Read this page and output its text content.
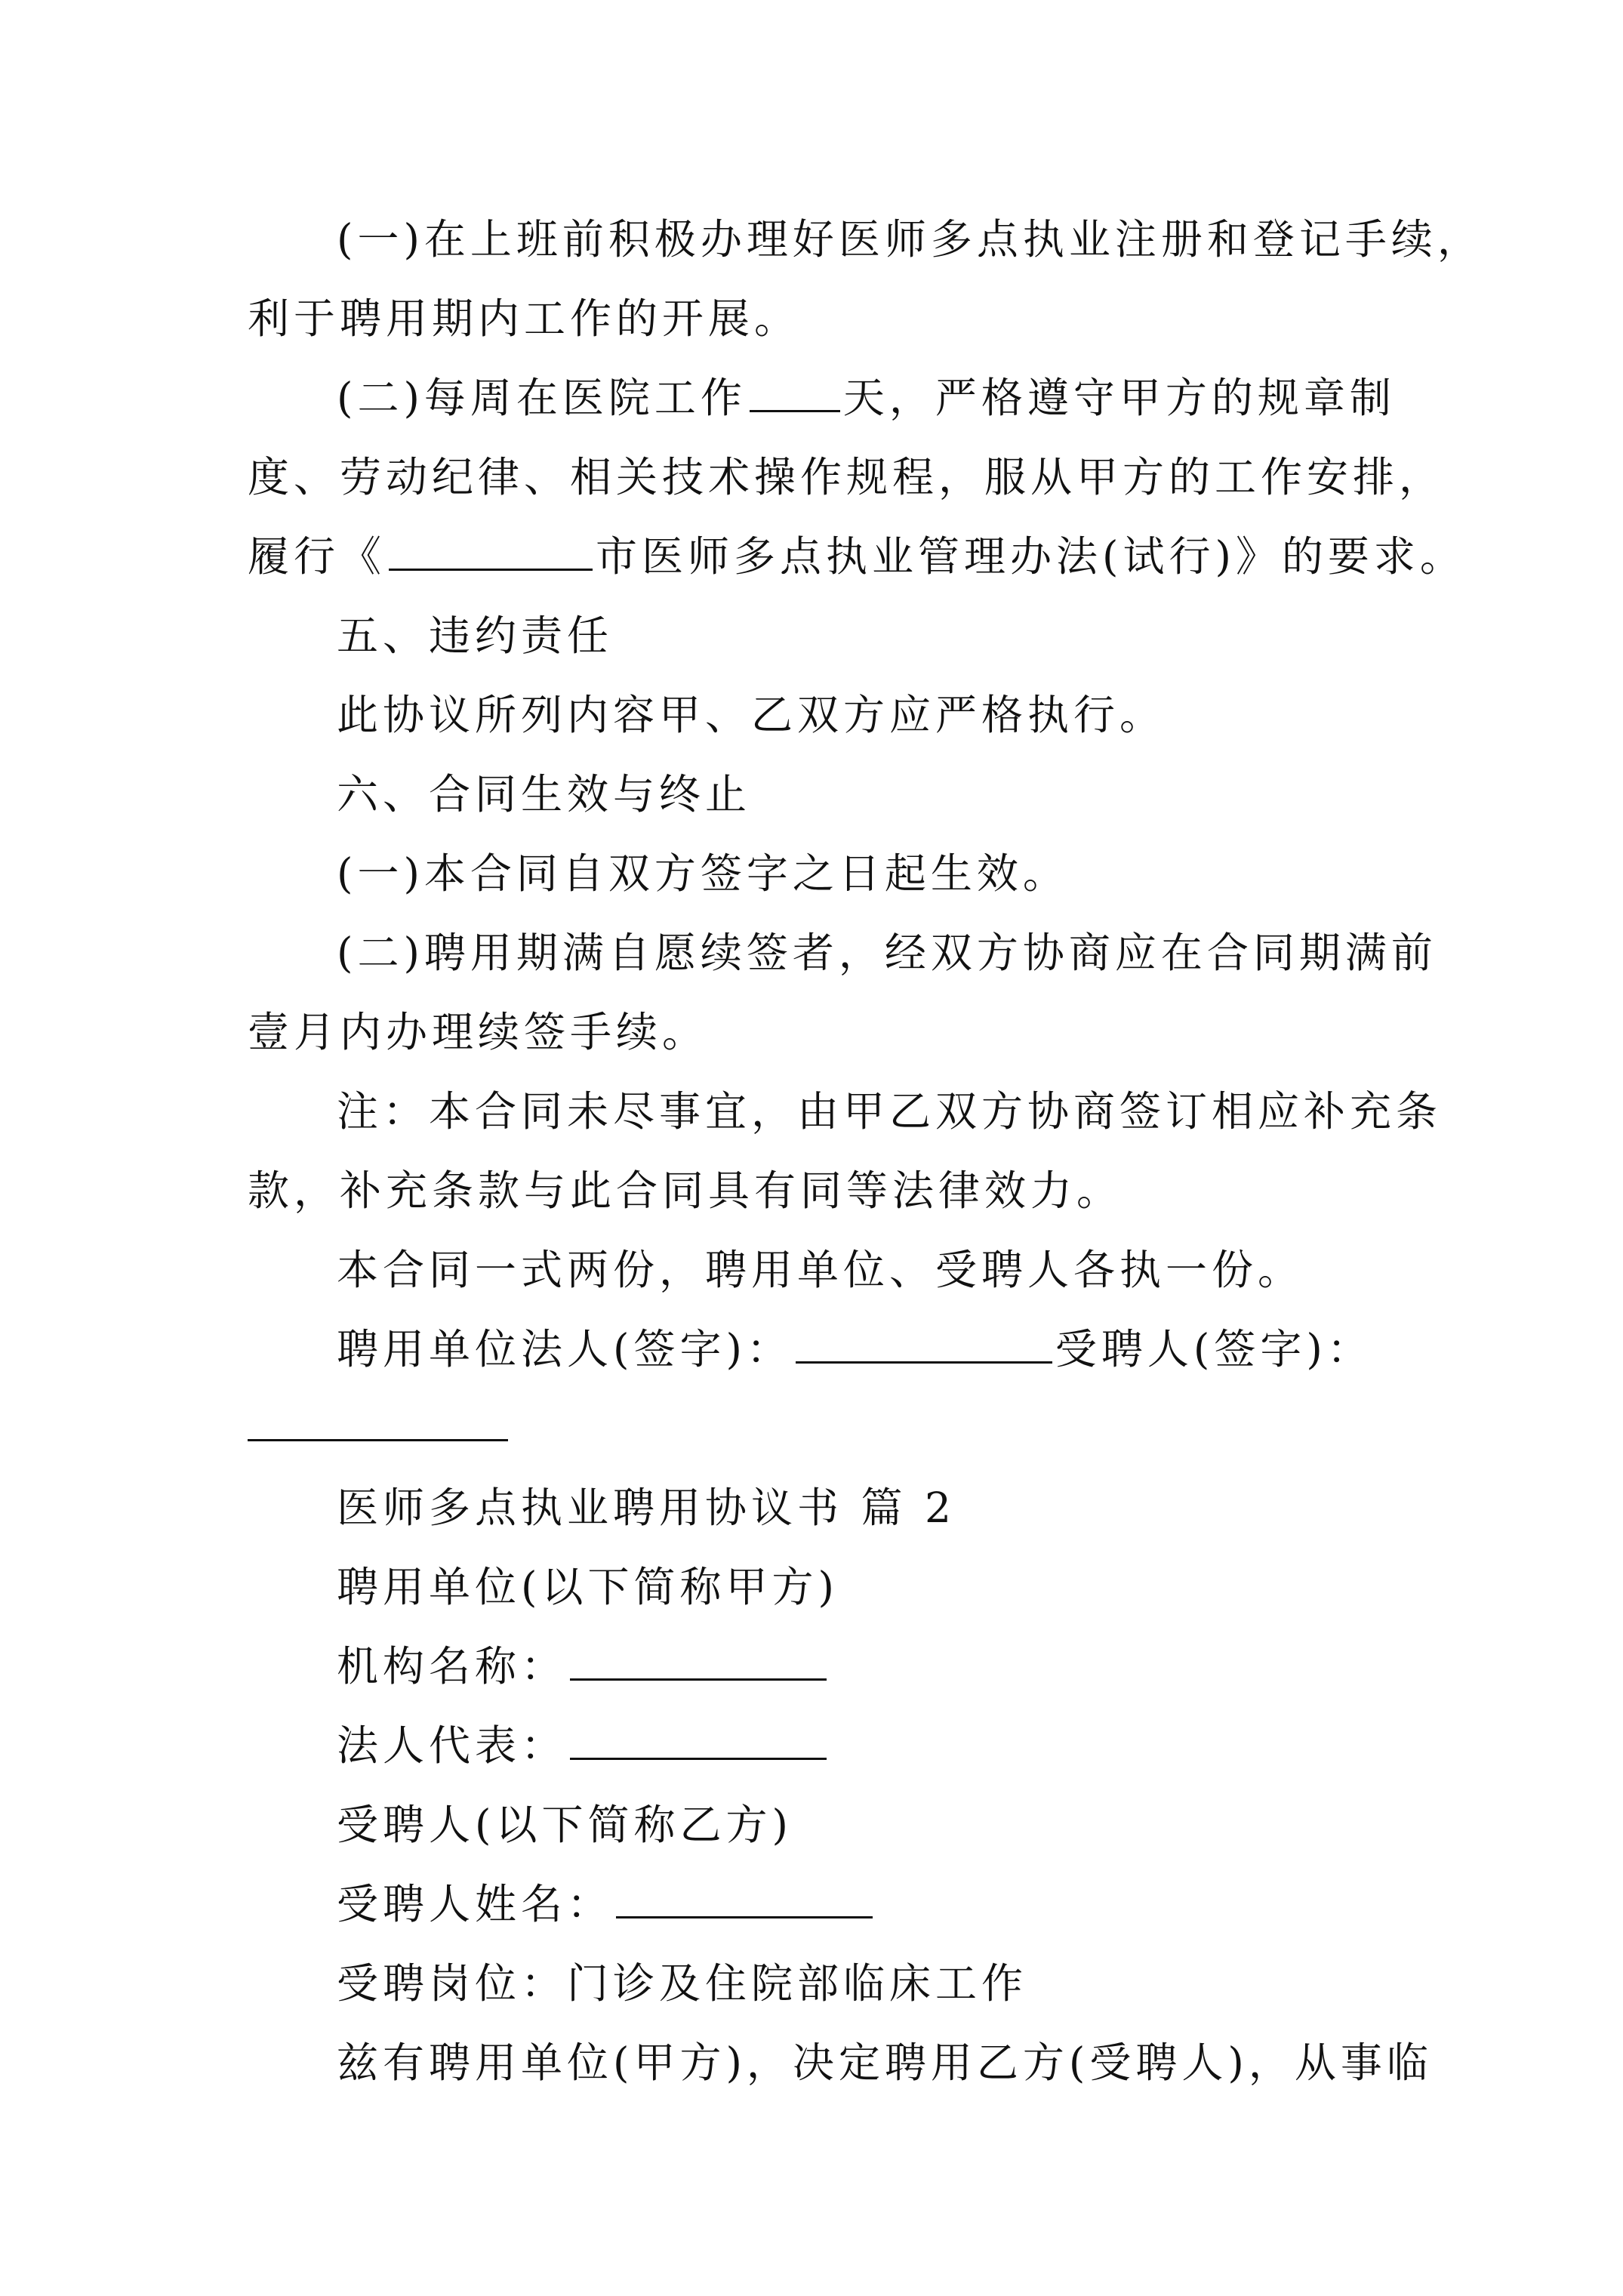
(一)在上班前积极办理好医师多点执业注册和登记手续，
利于聘用期内工作的开展。
(二)每周在医院工作 天，严格遵守甲方的规章制
度、劳动纪律、相关技术操作规程，服从甲方的工作安排，
履行《	市医师多点执业管理办法(试行)》的要求。
五、违约责任
此协议所列内容甲、乙双方应严格执行。
六、合同生效与终止
(一)本合同自双方签字之日起生效。
(二)聘用期满自愿续签者，经双方协商应在合同期满前
壹月内办理续签手续。
注：本合同未尽事宜，由甲乙双方协商签订相应补充条
款，补充条款与此合同具有同等法律效力。
本合同一式两份，聘用单位、受聘人各执一份。
聘用单位法人(签字)：	受聘人(签字)：
医师多点执业聘用协议书 篇 2
聘用单位(以下简称甲方)
机构名称：
法人代表：
受聘人(以下简称乙方)
受聘人姓名：
受聘岗位：门诊及住院部临床工作
兹有聘用单位(甲方)，决定聘用乙方(受聘人)，从事临
